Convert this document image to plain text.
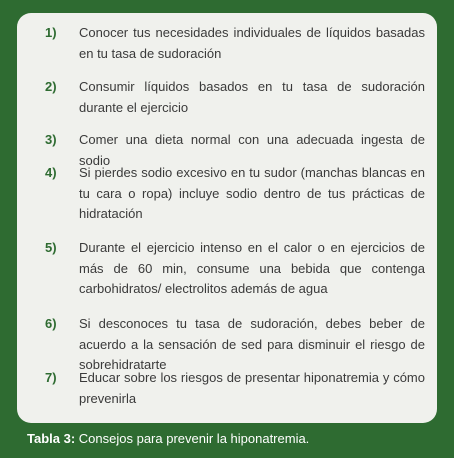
1)	Conocer tus necesidades individuales de líquidos basadas en tu tasa de sudoración
2)	Consumir líquidos basados en tu tasa de sudoración durante el ejercicio
3)	Comer una dieta normal con una adecuada ingesta de sodio
4)	Si pierdes sodio excesivo en tu sudor (manchas blancas en tu cara o ropa) incluye sodio dentro de tus prácticas de hidratación
5)	Durante el ejercicio intenso en el calor o en ejercicios de más de 60 min, consume una bebida que contenga carbohidratos/ electrolitos además de agua
6)	Si desconoces tu tasa de sudoración, debes beber de acuerdo a la sensación de sed para disminuir el riesgo de sobrehidratarte
7)	Educar sobre los riesgos de presentar hiponatremia y cómo prevenirla
Tabla 3: Consejos para prevenir la hiponatremia.
